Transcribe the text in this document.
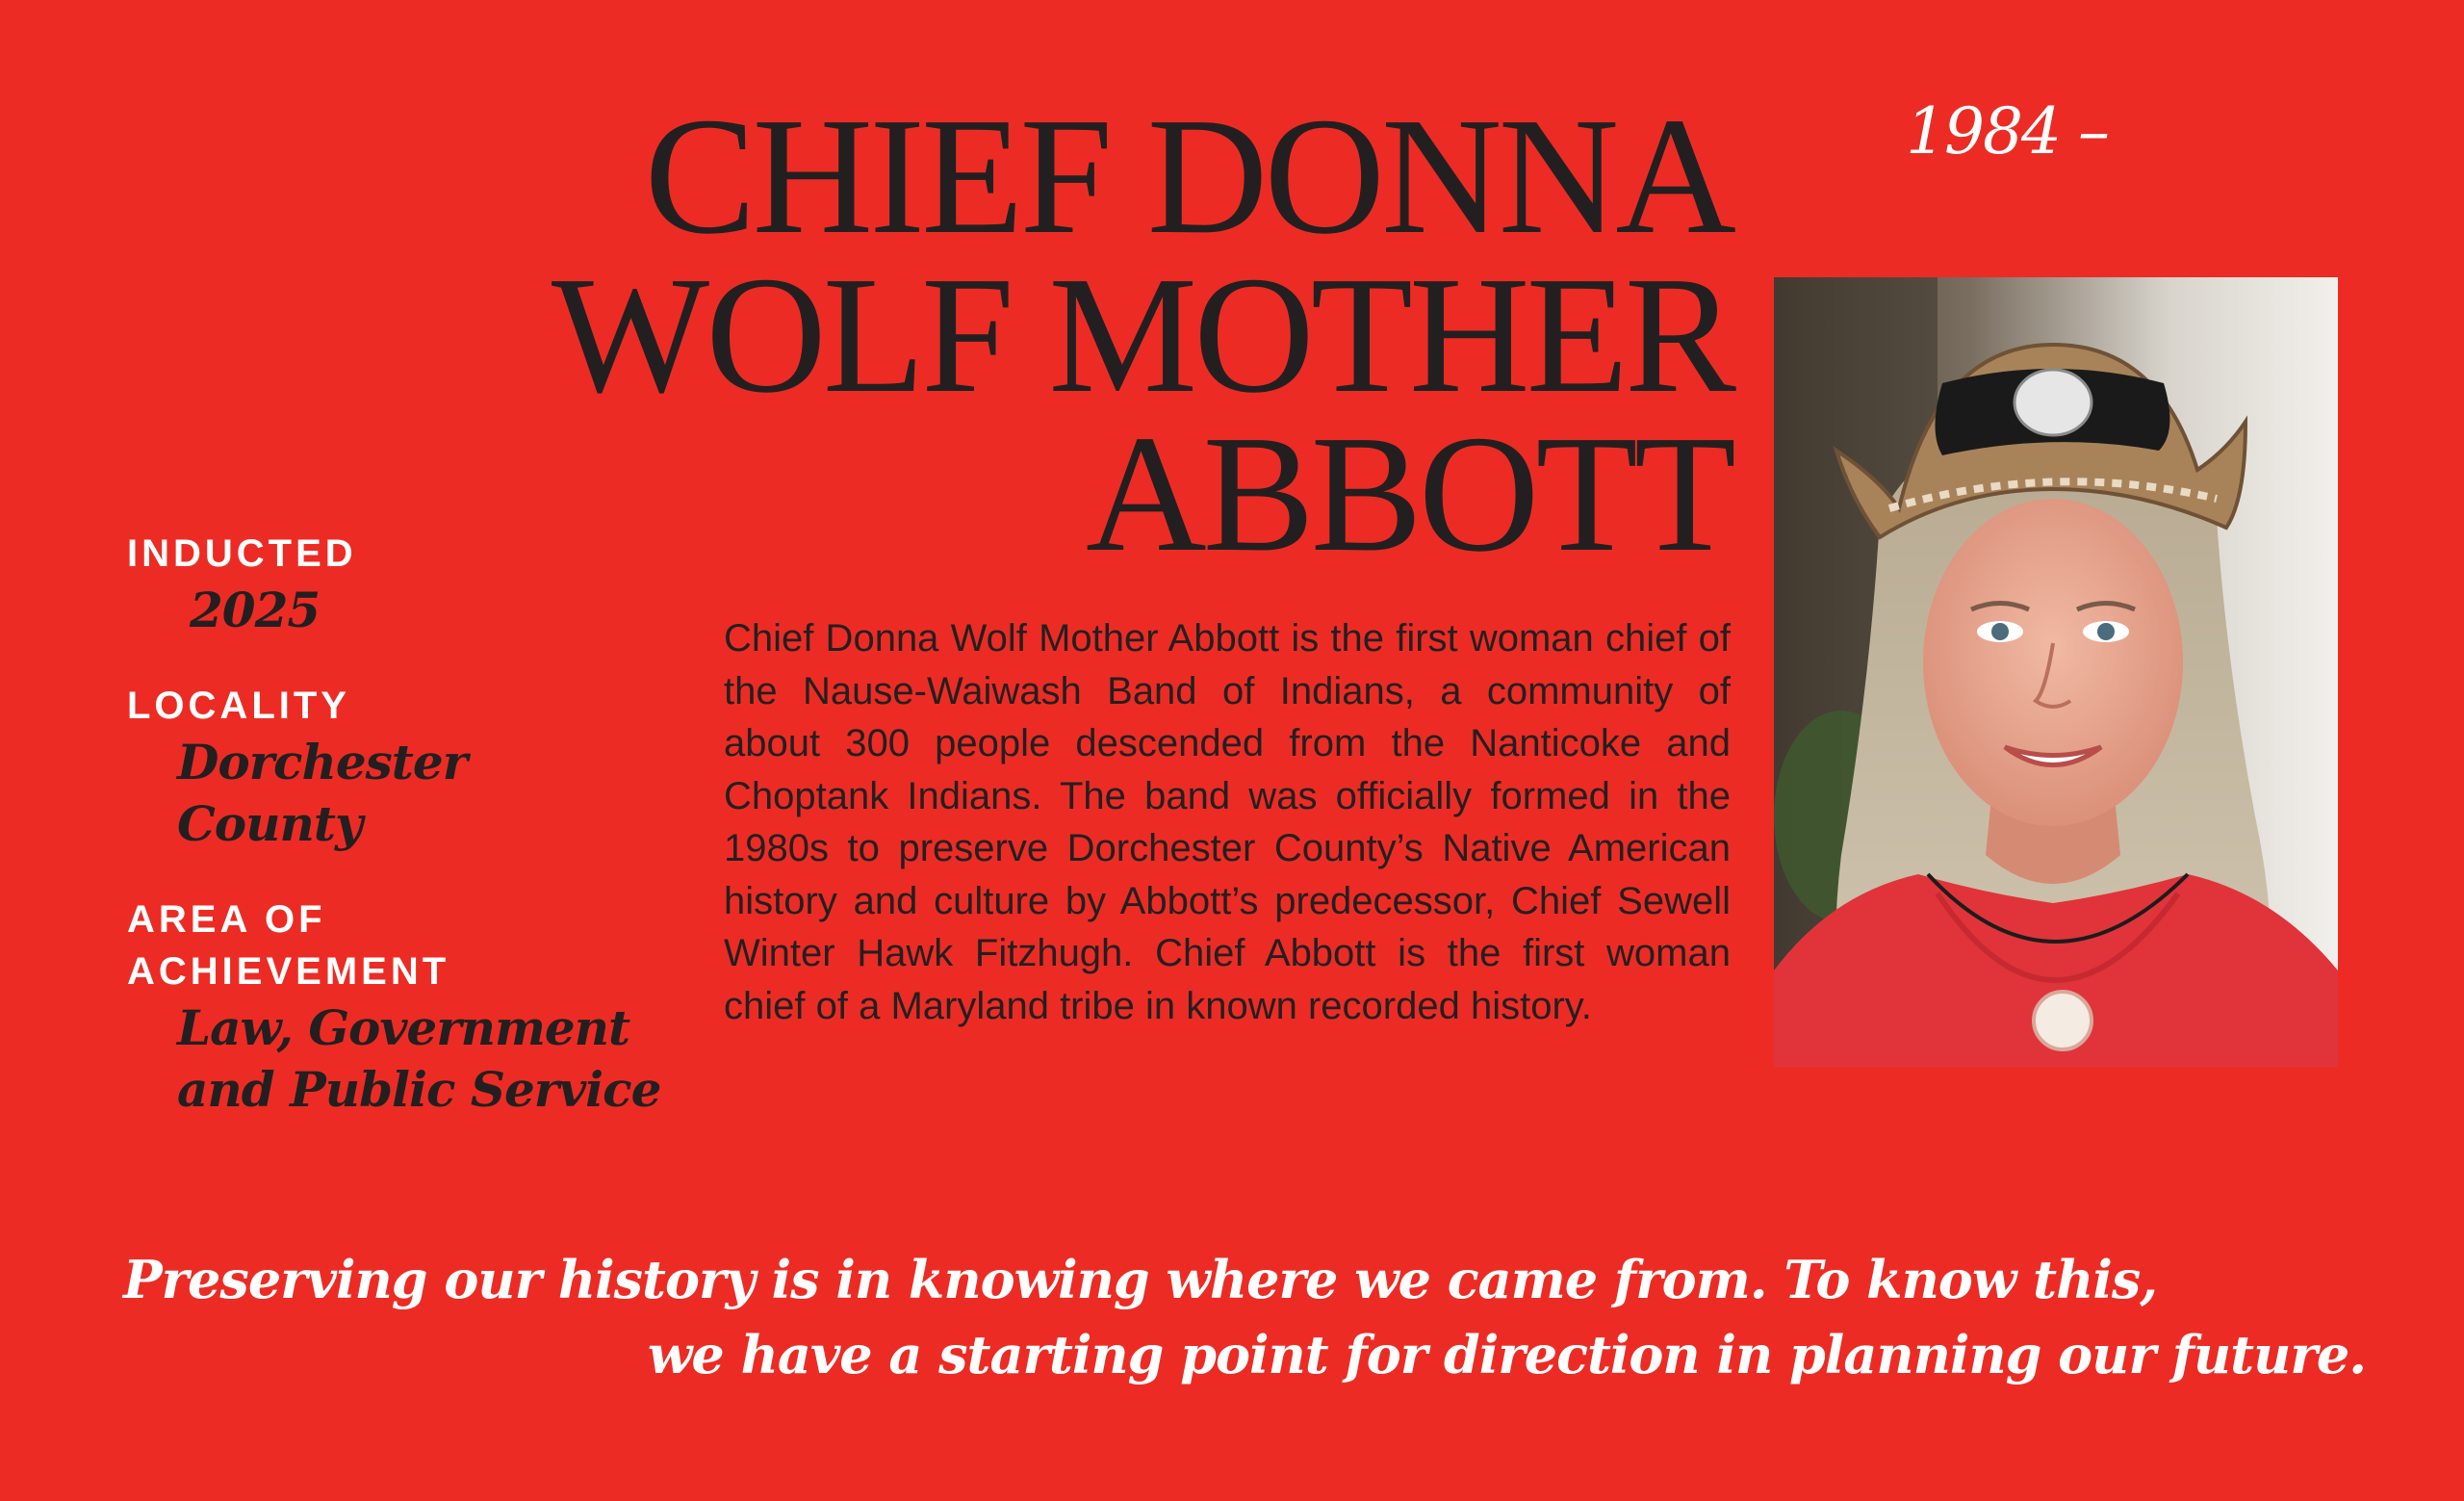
1984 –
CHIEF DONNA
WOLF MOTHER
ABBOTT
INDUCTED
2025
LOCALITY
Dorchester
County
AREA OF
ACHIEVEMENT
Law, Government
and Public Service

Chief Donna Wolf Mother Abbott is the first woman chief of the Nause-Waiwash Band of Indians, a community of about 300 people descended from the Nanticoke and Choptank Indians. The band was officially formed in the 1980s to preserve Dorchester County’s Native American history and culture by Abbott’s predecessor, Chief Sewell Winter Hawk Fitzhugh. Chief Abbott is the first woman chief of a Maryland tribe in known recorded history.

Preserving our history is in knowing where we came from. To know this,
we have a starting point for direction in planning our future.
